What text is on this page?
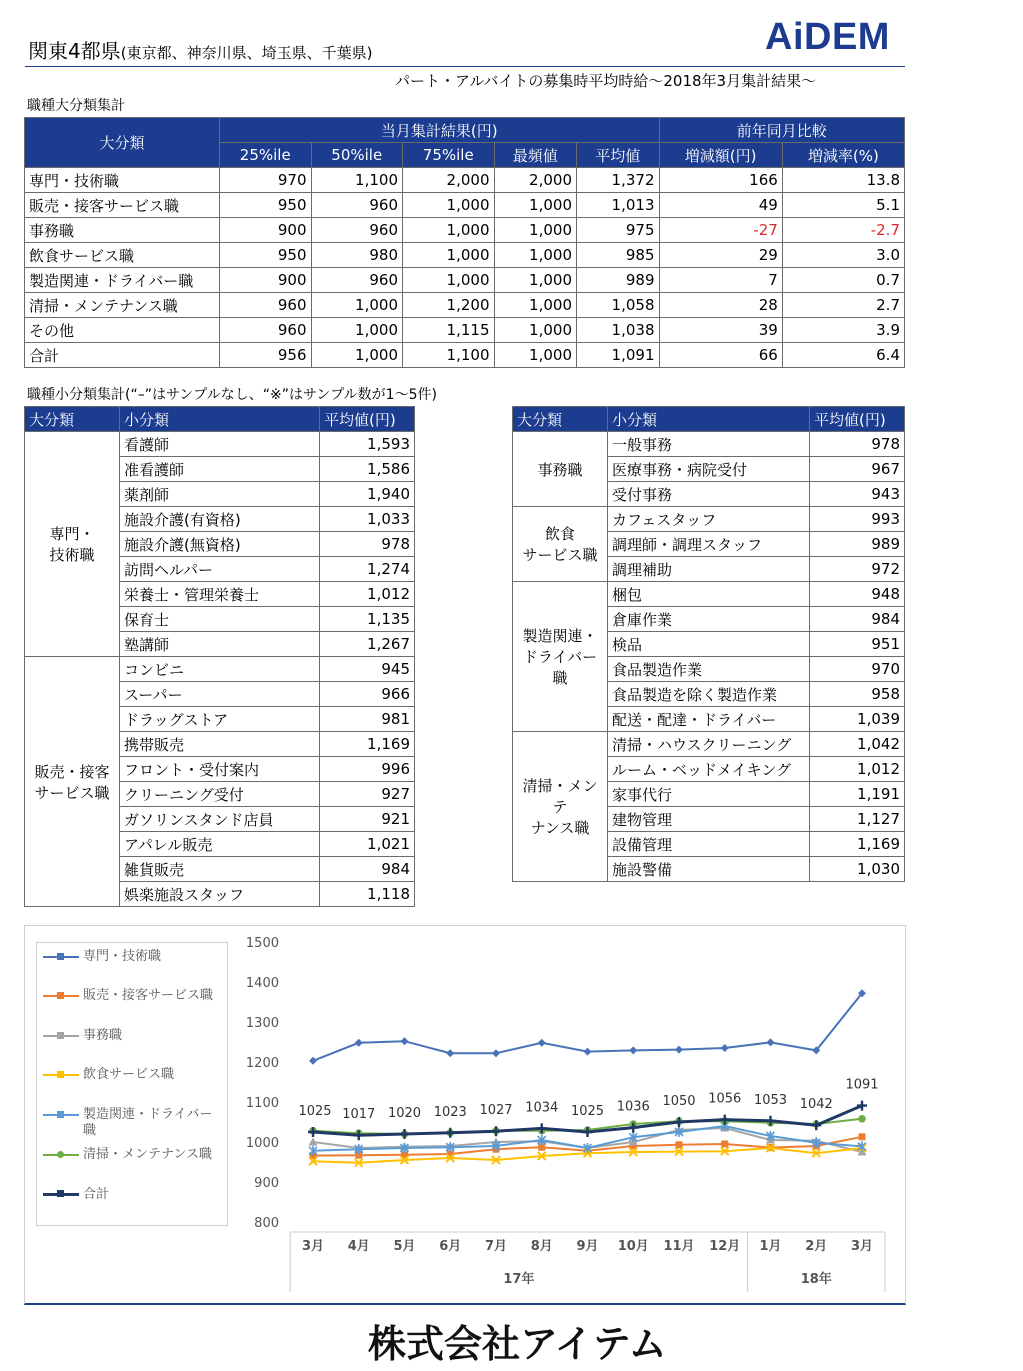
AiDEM
関東4都県(東京都、神奈川県、埼玉県、千葉県)
パート・アルバイトの募集時平均時給～2018年3月集計結果～
職種大分類集計
大分類	当月集計結果(円)					前年同月比較	
	25%ile	50%ile	75%ile	最頻値	平均値	増減額(円)	増減率(%)
専門・技術職	970	1,100	2,000	2,000	1,372	166	13.8
販売・接客サービス職	950	960	1,000	1,000	1,013	49	5.1
事務職	900	960	1,000	1,000	975	-27	-2.7
飲食サービス職	950	980	1,000	1,000	985	29	3.0
製造関連・ドライバー職	900	960	1,000	1,000	989	7	0.7
清掃・メンテナンス職	960	1,000	1,200	1,000	1,058	28	2.7
その他	960	1,000	1,115	1,000	1,038	39	3.9
合計	956	1,000	1,100	1,000	1,091	66	6.4
職種小分類集計(“–”はサンプルなし、“※”はサンプル数が1～5件)
大分類	小分類	平均値(円)
専門・
技術職	看護師	1,593
	准看護師	1,586
	薬剤師	1,940
	施設介護(有資格)	1,033
	施設介護(無資格)	978
	訪問ヘルパー	1,274
	栄養士・管理栄養士	1,012
	保育士	1,135
	塾講師	1,267
販売・接客
サービス職	コンビニ	945
	スーパー	966
	ドラッグストア	981
	携帯販売	1,169
	フロント・受付案内	996
	クリーニング受付	927
	ガソリンスタンド店員	921
	アパレル販売	1,021
	雑貨販売	984
	娯楽施設スタッフ	1,118
大分類	小分類	平均値(円)
事務職	一般事務	978
	医療事務・病院受付	967
	受付事務	943
飲食
サービス職	カフェスタッフ	993
	調理師・調理スタッフ	989
	調理補助	972
製造関連・
ドライバー職	梱包	948
	倉庫作業	984
	検品	951
	食品製造作業	970
	食品製造を除く製造作業	958
	配送・配達・ドライバー	1,039
清掃・メンテ
ナンス職	清掃・ハウスクリーニング	1,042
	ルーム・ベッドメイキング	1,012
	家事代行	1,191
	建物管理	1,127
	設備管理	1,169
	施設警備	1,030
専門・技術職
販売・接客サービス職
事務職
飲食サービス職
製造関連・ドライバー職
清掃・メンテナンス職
合計
800
900
1000
1100
1200
1300
1400
1500
3月 4月 5月 6月 7月 8月 9月 10月 11月 12月 1月 2月 3月
17年	18年
1025 1017 1020 1023 1027 1034 1025 1036 1050 1056 1053 1042
1091
株式会社アイテム
